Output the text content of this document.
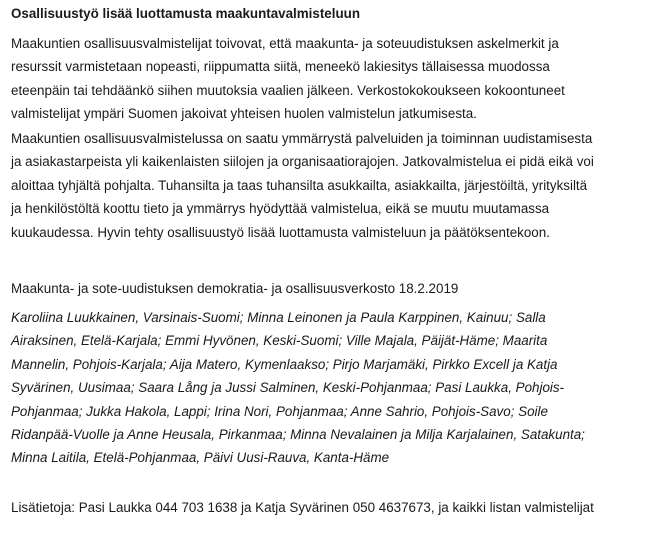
Osallisuustyö lisää luottamusta maakuntavalmisteluun
Maakuntien osallisuusvalmistelijat toivovat, että maakunta- ja soteuudistuksen askelmerkit ja
resurssit varmistetaan nopeasti, riippumatta siitä, meneekö lakiesitys tällaisessa muodossa
eteenpäin tai tehdäänkö siihen muutoksia vaalien jälkeen. Verkostokokoukseen kokoontuneet
valmistelijat ympäri Suomen jakoivat yhteisen huolen valmistelun jatkumisesta.
Maakuntien osallisuusvalmistelussa on saatu ymmärrystä palveluiden ja toiminnan uudistamisesta
ja asiakastarpeista yli kaikenlaisten siilojen ja organisaatiorajojen. Jatkovalmistelua ei pidä eikä voi
aloittaa tyhjältä pohjalta. Tuhansilta ja taas tuhansilta asukkailta, asiakkailta, järjestöiltä, yrityksiltä
ja henkilöstöltä koottu tieto ja ymmärrys hyödyttää valmistelua, eikä se muutu muutamassa
kuukaudessa. Hyvin tehty osallisuustyö lisää luottamusta valmisteluun ja päätöksentekoon.
Maakunta- ja sote-uudistuksen demokratia- ja osallisuusverkosto 18.2.2019
Karoliina Luukkainen, Varsinais-Suomi; Minna Leinonen ja Paula Karppinen, Kainuu; Salla
Airaksinen, Etelä-Karjala; Emmi Hyvönen, Keski-Suomi; Ville Majala, Päijät-Häme; Maarita
Mannelin, Pohjois-Karjala; Aija Matero, Kymenlaakso; Pirjo Marjamäki, Pirkko Excell ja Katja
Syvärinen, Uusimaa; Saara Lång ja Jussi Salminen, Keski-Pohjanmaa; Pasi Laukka, Pohjois-
Pohjanmaa; Jukka Hakola, Lappi; Irina Nori, Pohjanmaa; Anne Sahrio, Pohjois-Savo; Soile
Ridanpää-Vuolle ja Anne Heusala, Pirkanmaa; Minna Nevalainen ja Milja Karjalainen, Satakunta;
Minna Laitila, Etelä-Pohjanmaa, Päivi Uusi-Rauva, Kanta-Häme
Lisätietoja: Pasi Laukka 044 703 1638 ja Katja Syvärinen 050 4637673, ja kaikki listan valmistelijat
